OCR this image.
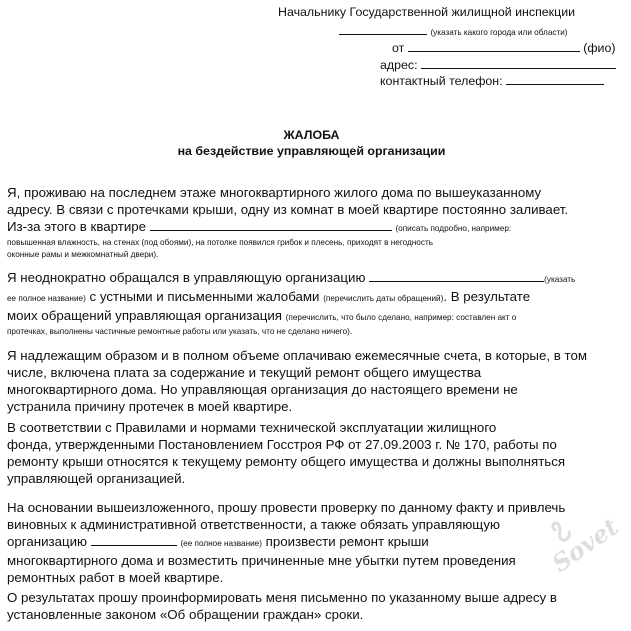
Начальнику Государственной жилищной инспекции
(указать какого города или области)
от	(фио)
адрес:
контактный телефон:
ЖАЛОБА
на бездействие управляющей организации
Я, проживаю на последнем этаже многоквартирного жилого дома по вышеуказанному
адресу. В связи с протечками крыши, одну из комнат в моей квартире постоянно заливает.
Из-за этого в квартире	(описать подробно, например:
повышенная влажность, на стенах (под обоями), на потолке появился грибок и плесень, приходят в негодность
оконные рамы и межкомнатный двери).
Я неоднократно обращался в управляющую организацию	(указать
ее полное название) с устными и письменными жалобами (перечислить даты обращений). В результате
моих обращений управляющая организация (перечислить, что было сделано, например: составлен акт о
протечках, выполнены частичные ремонтные работы или указать, что не сделано ничего).
Я надлежащим образом и в полном объеме оплачиваю ежемесячные счета, в которые, в том
числе, включена плата за содержание и текущий ремонт общего имущества
многоквартирного дома. Но управляющая организация до настоящего времени не
устранила причину протечек в моей квартире.
В соответствии с Правилами и нормами технической эксплуатации жилищного
фонда, утвержденными Постановлением Госстроя РФ от 27.09.2003 г. № 170, работы по
ремонту крыши относятся к текущему ремонту общего имущества и должны выполняться
управляющей организацией.
На основании вышеизложенного, прошу провести проверку по данному факту и привлечь
виновных к административной ответственности, а также обязать управляющую
организацию	(ее полное название) произвести ремонт крыши
многоквартирного дома и возместить причиненные мне убытки путем проведения
ремонтных работ в моей квартире.
О результатах прошу проинформировать меня письменно по указанному выше адресу в
установленные законом «Об обращении граждан» сроки.
Sovet
